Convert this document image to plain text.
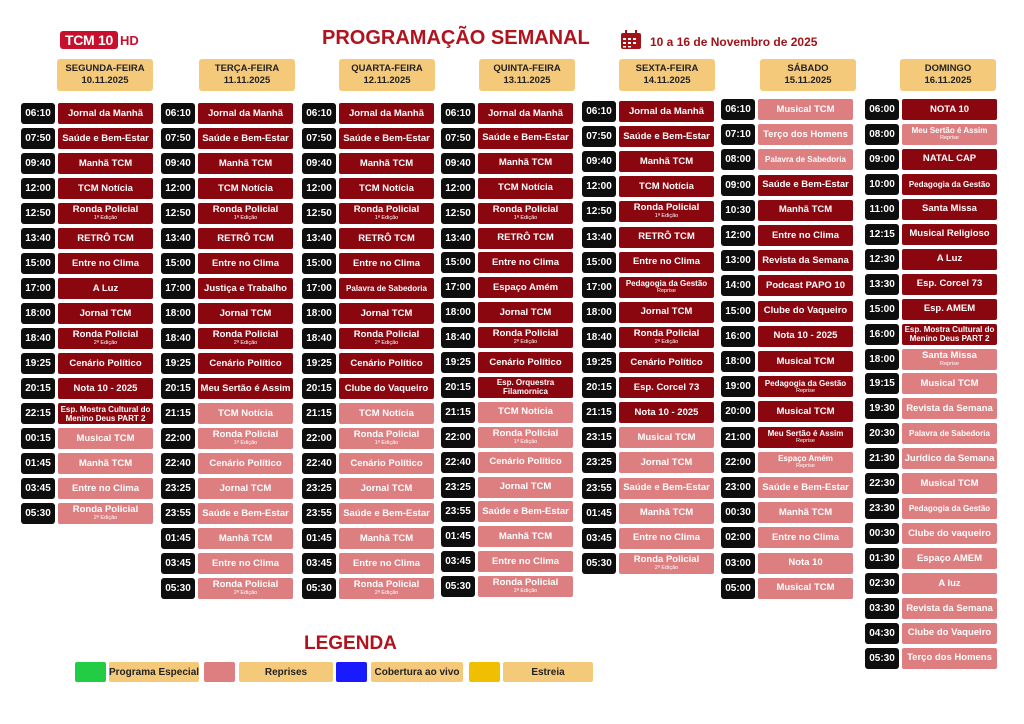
TCM 10 HD	PROGRAMAÇÃO SEMANAL	10 a 16 de Novembro de 2025
SEGUNDA-FEIRA
10.11.2025
06:10	Jornal da Manhã
07:50	Saúde e Bem-Estar
09:40	Manhã TCM
12:00	TCM Notícia
12:50	Ronda Policial
1ª Edição
13:40	RETRÔ TCM
15:00	Entre no Clima
17:00	A Luz
18:00	Jornal TCM
18:40	Ronda Policial
2ª Edição
19:25	Cenário Político
20:15	Nota 10 - 2025
22:15	Esp. Mostra Cultural do Menino Deus PART 2
00:15	Musical TCM
01:45	Manhã TCM
03:45	Entre no Clima
05:30	Ronda Policial
2ª Edição
TERÇA-FEIRA
11.11.2025
06:10	Jornal da Manhã
07:50	Saúde e Bem-Estar
09:40	Manhã TCM
12:00	TCM Notícia
12:50	Ronda Policial
1ª Edição
13:40	RETRÔ TCM
15:00	Entre no Clima
17:00	Justiça e Trabalho
18:00	Jornal TCM
18:40	Ronda Policial
2ª Edição
19:25	Cenário Político
20:15	Meu Sertão é Assim
21:15	TCM Notícia
22:00	Ronda Policial
1ª Edição
22:40	Cenário Político
23:25	Jornal TCM
23:55	Saúde e Bem-Estar
01:45	Manhã TCM
03:45	Entre no Clima
05:30	Ronda Policial
2ª Edição
QUARTA-FEIRA
12.11.2025
06:10	Jornal da Manhã
07:50	Saúde e Bem-Estar
09:40	Manhã TCM
12:00	TCM Notícia
12:50	Ronda Policial
1ª Edição
13:40	RETRÔ TCM
15:00	Entre no Clima
17:00	Palavra de Sabedoria
18:00	Jornal TCM
18:40	Ronda Policial
2ª Edição
19:25	Cenário Político
20:15	Clube do Vaqueiro
21:15	TCM Notícia
22:00	Ronda Policial
1ª Edição
22:40	Cenário Político
23:25	Jornal TCM
23:55	Saúde e Bem-Estar
01:45	Manhã TCM
03:45	Entre no Clima
05:30	Ronda Policial
2ª Edição
QUINTA-FEIRA
13.11.2025
06:10	Jornal da Manhã
07:50	Saúde e Bem-Estar
09:40	Manhã TCM
12:00	TCM Notícia
12:50	Ronda Policial
1ª Edição
13:40	RETRÔ TCM
15:00	Entre no Clima
17:00	Espaço Amém
18:00	Jornal TCM
18:40	Ronda Policial
2ª Edição
19:25	Cenário Político
20:15	Esp. Orquestra Filamornica
21:15	TCM Notícia
22:00	Ronda Policial
1ª Edição
22:40	Cenário Político
23:25	Jornal TCM
23:55	Saúde e Bem-Estar
01:45	Manhã TCM
03:45	Entre no Clima
05:30	Ronda Policial
2ª Edição
SEXTA-FEIRA
14.11.2025
06:10	Jornal da Manhã
07:50	Saúde e Bem-Estar
09:40	Manhã TCM
12:00	TCM Notícia
12:50	Ronda Policial
1ª Edição
13:40	RETRÔ TCM
15:00	Entre no Clima
17:00	Pedagogia da Gestão
Reprise
18:00	Jornal TCM
18:40	Ronda Policial
2ª Edição
19:25	Cenário Político
20:15	Esp. Corcel 73
21:15	Nota 10 - 2025
23:15	Musical TCM
23:25	Jornal TCM
23:55	Saúde e Bem-Estar
01:45	Manhã TCM
03:45	Entre no Clima
05:30	Ronda Policial
2ª Edição
SÁBADO
15.11.2025
06:10	Musical TCM
07:10	Terço dos Homens
08:00	Palavra de Sabedoria
09:00	Saúde e Bem-Estar
10:30	Manhã TCM
12:00	Entre no Clima
13:00	Revista da Semana
14:00	Podcast PAPO 10
15:00	Clube do Vaqueiro
16:00	Nota 10 - 2025
18:00	Musical TCM
19:00	Pedagogia da Gestão
Reprise
20:00	Musical TCM
21:00	Meu Sertão é Assim
Reprise
22:00	Espaço Amém
Reprise
23:00	Saúde e Bem-Estar
00:30	Manhã TCM
02:00	Entre no Clima
03:00	Nota 10
05:00	Musical TCM
DOMINGO
16.11.2025
06:00	NOTA 10
08:00	Meu Sertão é Assim
Reprise
09:00	NATAL CAP
10:00	Pedagogia da Gestão
11:00	Santa Missa
12:15	Musical Religioso
12:30	A Luz
13:30	Esp. Corcel 73
15:00	Esp. AMEM
16:00	Esp. Mostra Cultural do Menino Deus PART 2
18:00	Santa Missa
Reprise
19:15	Musical TCM
19:30	Revista da Semana
20:30	Palavra de Sabedoria
21:30	Jurídico da Semana
22:30	Musical TCM
23:30	Pedagogia da Gestão
00:30	Clube do vaqueiro
01:30	Espaço AMEM
02:30	A luz
03:30	Revista da Semana
04:30	Clube do Vaqueiro
05:30	Terço dos Homens
LEGENDA
Programa Especial	Reprises	Cobertura ao vivo	Estreia
